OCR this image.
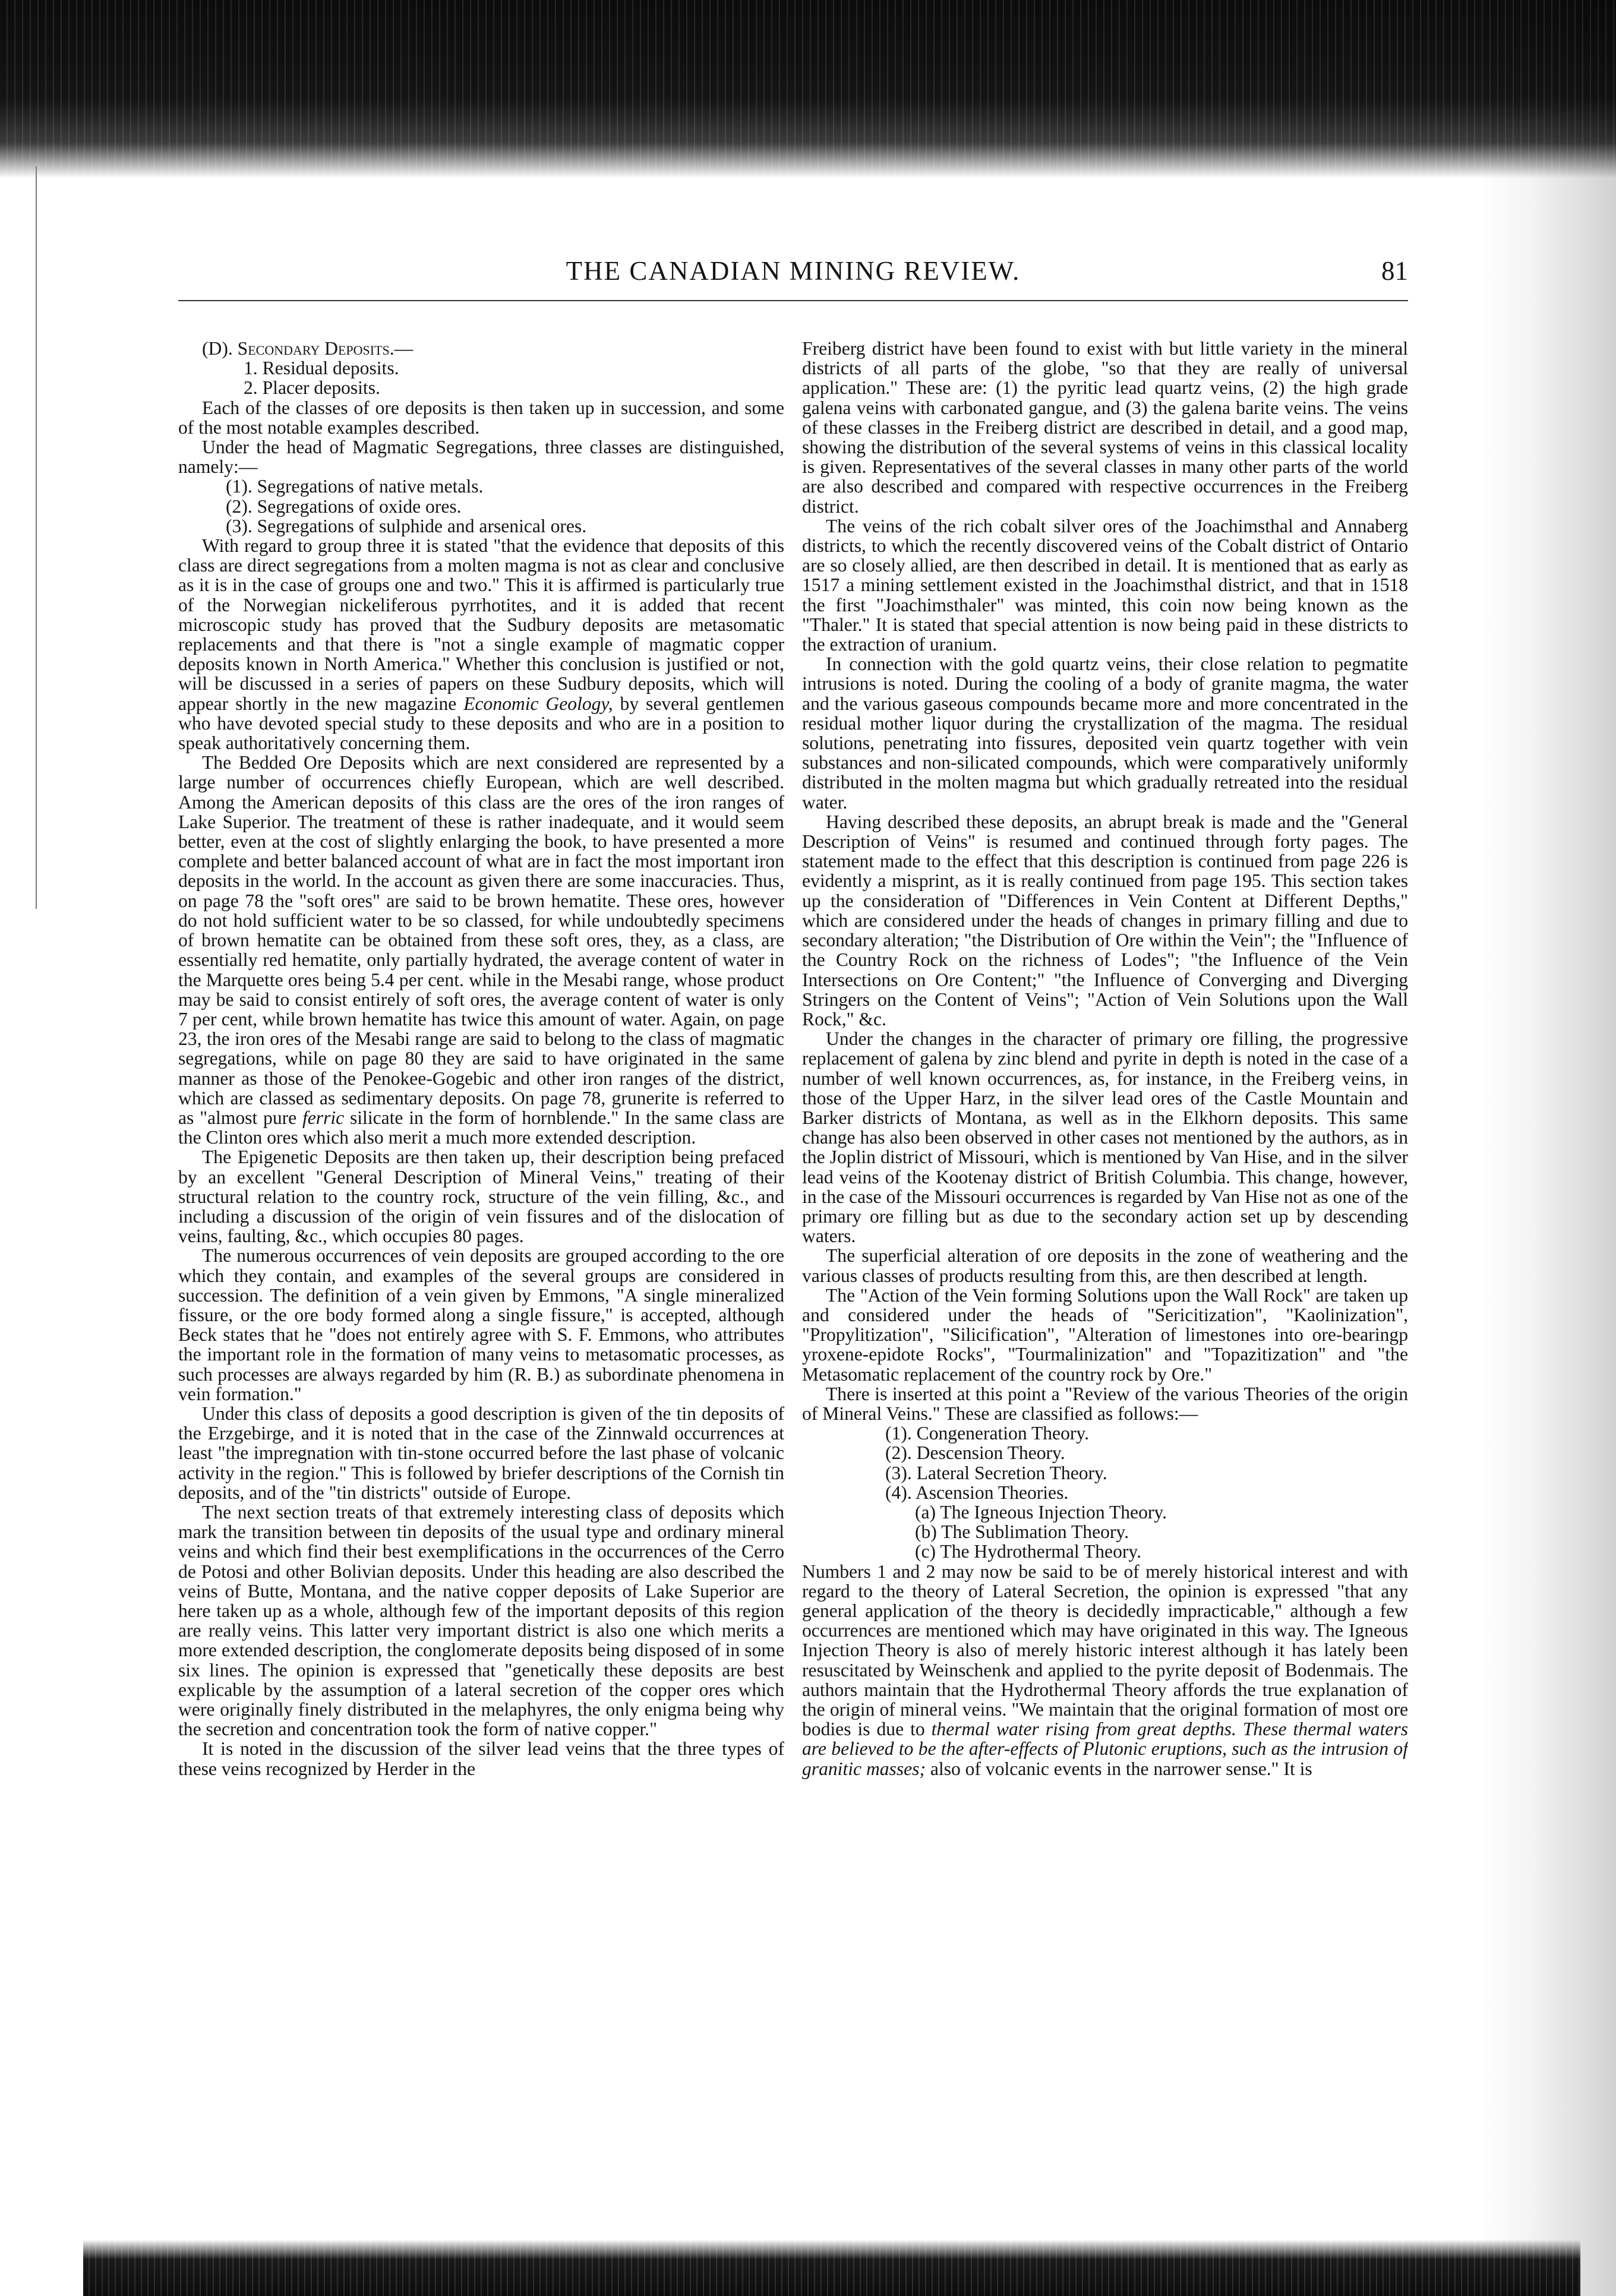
THE CANADIAN MINING REVIEW.	81

(D). Secondary Deposits.—

1. Residual deposits.

2. Placer deposits.

Each of the classes of ore deposits is then taken up in succession, and some of the most notable examples described.

Under the head of Magmatic Segregations, three classes are distinguished, namely:—

(1). Segregations of native metals.

(2). Segregations of oxide ores.

(3). Segregations of sulphide and arsenical ores.

With regard to group three it is stated "that the evidence that deposits of this class are direct segregations from a molten magma is not as clear and conclusive as it is in the case of groups one and two." This it is affirmed is particularly true of the Norwegian nickeliferous pyrrhotites, and it is added that recent microscopic study has proved that the Sudbury deposits are metasomatic replacements and that there is "not a single example of magmatic copper deposits known in North America." Whether this conclusion is justified or not, will be discussed in a series of papers on these Sudbury deposits, which will appear shortly in the new magazine Economic Geology, by several gentlemen who have devoted special study to these deposits and who are in a position to speak authoritatively concerning them.

The Bedded Ore Deposits which are next considered are represented by a large number of occurrences chiefly European, which are well described. Among the American deposits of this class are the ores of the iron ranges of Lake Superior. The treatment of these is rather inadequate, and it would seem better, even at the cost of slightly enlarging the book, to have presented a more complete and better balanced account of what are in fact the most important iron deposits in the world. In the account as given there are some inaccuracies. Thus, on page 78 the "soft ores" are said to be brown hematite. These ores, however do not hold sufficient water to be so classed, for while undoubtedly specimens of brown hematite can be obtained from these soft ores, they, as a class, are essentially red hematite, only partially hydrated, the average content of water in the Marquette ores being 5.4 per cent. while in the Mesabi range, whose product may be said to consist entirely of soft ores, the average content of water is only 7 per cent, while brown hematite has twice this amount of water. Again, on page 23, the iron ores of the Mesabi range are said to belong to the class of magmatic segregations, while on page 80 they are said to have originated in the same manner as those of the Penokee-Gogebic and other iron ranges of the district, which are classed as sedimentary deposits. On page 78, grunerite is referred to as "almost pure ferric silicate in the form of hornblende." In the same class are the Clinton ores which also merit a much more extended description.

The Epigenetic Deposits are then taken up, their description being prefaced by an excellent "General Description of Mineral Veins," treating of their structural relation to the country rock, structure of the vein filling, &c., and including a discussion of the origin of vein fissures and of the dislocation of veins, faulting, &c., which occupies 80 pages.

The numerous occurrences of vein deposits are grouped according to the ore which they contain, and examples of the several groups are considered in succession. The definition of a vein given by Emmons, "A single mineralized fissure, or the ore body formed along a single fissure," is accepted, although Beck states that he "does not entirely agree with S. F. Emmons, who attributes the important role in the formation of many veins to metasomatic processes, as such processes are always regarded by him (R. B.) as subordinate phenomena in vein formation."

Under this class of deposits a good description is given of the tin deposits of the Erzgebirge, and it is noted that in the case of the Zinnwald occurrences at least "the impregnation with tin-stone occurred before the last phase of volcanic activity in the region." This is followed by briefer descriptions of the Cornish tin deposits, and of the "tin districts" outside of Europe.

The next section treats of that extremely interesting class of deposits which mark the transition between tin deposits of the usual type and ordinary mineral veins and which find their best exemplifications in the occurrences of the Cerro de Potosi and other Bolivian deposits. Under this heading are also described the veins of Butte, Montana, and the native copper deposits of Lake Superior are here taken up as a whole, although few of the important deposits of this region are really veins. This latter very important district is also one which merits a more extended description, the conglomerate deposits being disposed of in some six lines. The opinion is expressed that "genetically these deposits are best explicable by the assumption of a lateral secretion of the copper ores which were originally finely distributed in the melaphyres, the only enigma being why the secretion and concentration took the form of native copper."

It is noted in the discussion of the silver lead veins that the three types of these veins recognized by Herder in the

Freiberg district have been found to exist with but little variety in the mineral districts of all parts of the globe, "so that they are really of universal application." These are: (1) the pyritic lead quartz veins, (2) the high grade galena veins with carbonated gangue, and (3) the galena barite veins. The veins of these classes in the Freiberg district are described in detail, and a good map, showing the distribution of the several systems of veins in this classical locality is given. Representatives of the several classes in many other parts of the world are also described and compared with respective occurrences in the Freiberg district.

The veins of the rich cobalt silver ores of the Joachimsthal and Annaberg districts, to which the recently discovered veins of the Cobalt district of Ontario are so closely allied, are then described in detail. It is mentioned that as early as 1517 a mining settlement existed in the Joachimsthal district, and that in 1518 the first "Joachimsthaler" was minted, this coin now being known as the "Thaler." It is stated that special attention is now being paid in these districts to the extraction of uranium.

In connection with the gold quartz veins, their close relation to pegmatite intrusions is noted. During the cooling of a body of granite magma, the water and the various gaseous compounds became more and more concentrated in the residual mother liquor during the crystallization of the magma. The residual solutions, penetrating into fissures, deposited vein quartz together with vein substances and non-silicated compounds, which were comparatively uniformly distributed in the molten magma but which gradually retreated into the residual water.

Having described these deposits, an abrupt break is made and the "General Description of Veins" is resumed and continued through forty pages. The statement made to the effect that this description is continued from page 226 is evidently a misprint, as it is really continued from page 195. This section takes up the consideration of "Differences in Vein Content at Different Depths," which are considered under the heads of changes in primary filling and due to secondary alteration; "the Distribution of Ore within the Vein"; the "Influence of the Country Rock on the richness of Lodes"; "the Influence of the Vein Intersections on Ore Content;" "the Influence of Converging and Diverging Stringers on the Content of Veins"; "Action of Vein Solutions upon the Wall Rock," &c.

Under the changes in the character of primary ore filling, the progressive replacement of galena by zinc blend and pyrite in depth is noted in the case of a number of well known occurrences, as, for instance, in the Freiberg veins, in those of the Upper Harz, in the silver lead ores of the Castle Mountain and Barker districts of Montana, as well as in the Elkhorn deposits. This same change has also been observed in other cases not mentioned by the authors, as in the Joplin district of Missouri, which is mentioned by Van Hise, and in the silver lead veins of the Kootenay district of British Columbia. This change, however, in the case of the Missouri occurrences is regarded by Van Hise not as one of the primary ore filling but as due to the secondary action set up by descending waters.

The superficial alteration of ore deposits in the zone of weathering and the various classes of products resulting from this, are then described at length.

The "Action of the Vein forming Solutions upon the Wall Rock" are taken up and considered under the heads of "Sericitization", "Kaolinization", "Propylitization", "Silicification", "Alteration of limestones into ore-bearingp yroxene-epidote Rocks", "Tourmalinization" and "Topazitization" and "the Metasomatic replacement of the country rock by Ore."

There is inserted at this point a "Review of the various Theories of the origin of Mineral Veins." These are classified as follows:—

(1). Congeneration Theory.

(2). Descension Theory.

(3). Lateral Secretion Theory.

(4). Ascension Theories.

(a) The Igneous Injection Theory.

(b) The Sublimation Theory.

(c) The Hydrothermal Theory.

Numbers 1 and 2 may now be said to be of merely historical interest and with regard to the theory of Lateral Secretion, the opinion is expressed "that any general application of the theory is decidedly impracticable," although a few occurrences are mentioned which may have originated in this way. The Igneous Injection Theory is also of merely historic interest although it has lately been resuscitated by Weinschenk and applied to the pyrite deposit of Bodenmais. The authors maintain that the Hydrothermal Theory affords the true explanation of the origin of mineral veins. "We maintain that the original formation of most ore bodies is due to thermal water rising from great depths. These thermal waters are believed to be the after-effects of Plutonic eruptions, such as the intrusion of granitic masses; also of volcanic events in the narrower sense." It is
